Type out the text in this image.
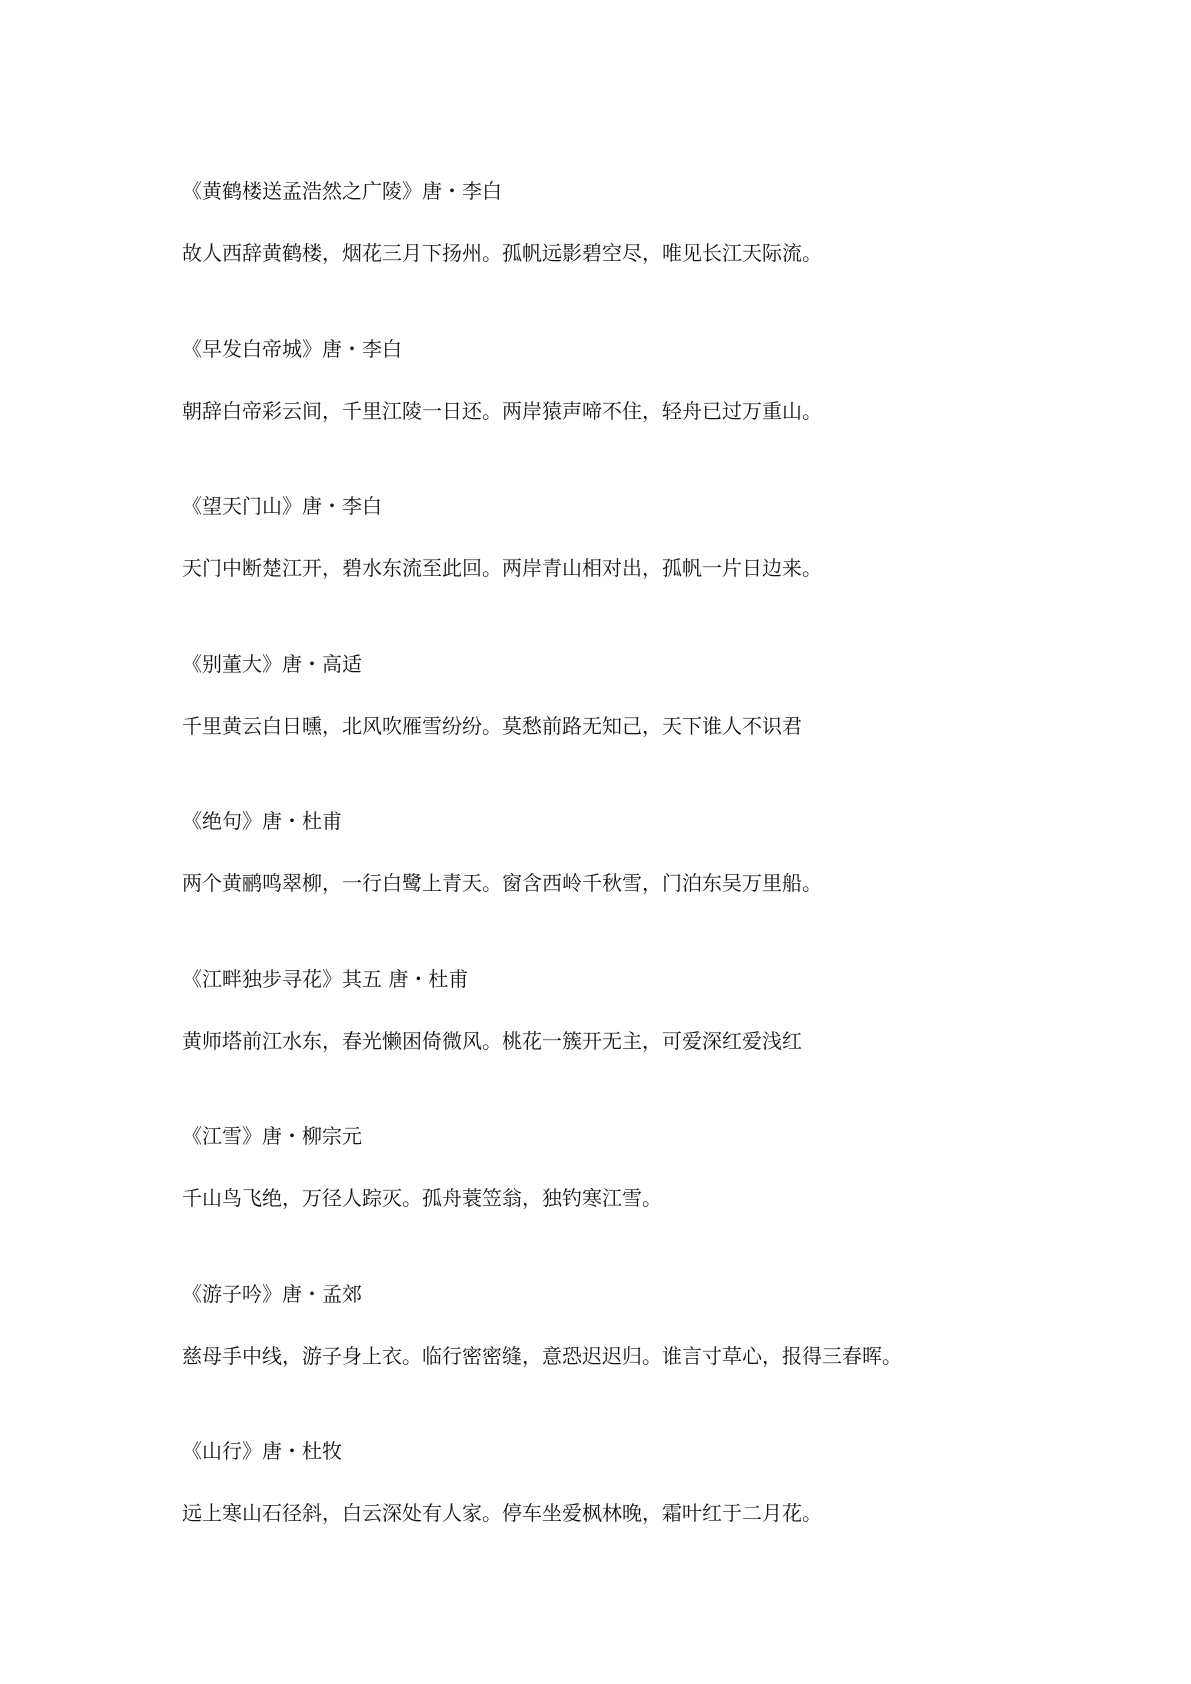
《黄鹤楼送孟浩然之广陵》唐・李白
故人西辞黄鹤楼，烟花三月下扬州。孤帆远影碧空尽，唯见长江天际流。
《早发白帝城》唐・李白
朝辞白帝彩云间，千里江陵一日还。两岸猿声啼不住，轻舟已过万重山。
《望天门山》唐・李白
天门中断楚江开，碧水东流至此回。两岸青山相对出，孤帆一片日边来。
《别董大》唐・高适
千里黄云白日曛，北风吹雁雪纷纷。莫愁前路无知己，天下谁人不识君
《绝句》唐・杜甫
两个黄鹂鸣翠柳，一行白鹭上青天。窗含西岭千秋雪，门泊东吴万里船。
《江畔独步寻花》其五 唐・杜甫
黄师塔前江水东，春光懒困倚微风。桃花一簇开无主，可爱深红爱浅红
《江雪》唐・柳宗元
千山鸟飞绝，万径人踪灭。孤舟蓑笠翁，独钓寒江雪。
《游子吟》唐・孟郊
慈母手中线，游子身上衣。临行密密缝，意恐迟迟归。谁言寸草心，报得三春晖。
《山行》唐・杜牧
远上寒山石径斜，白云深处有人家。停车坐爱枫林晚，霜叶红于二月花。
